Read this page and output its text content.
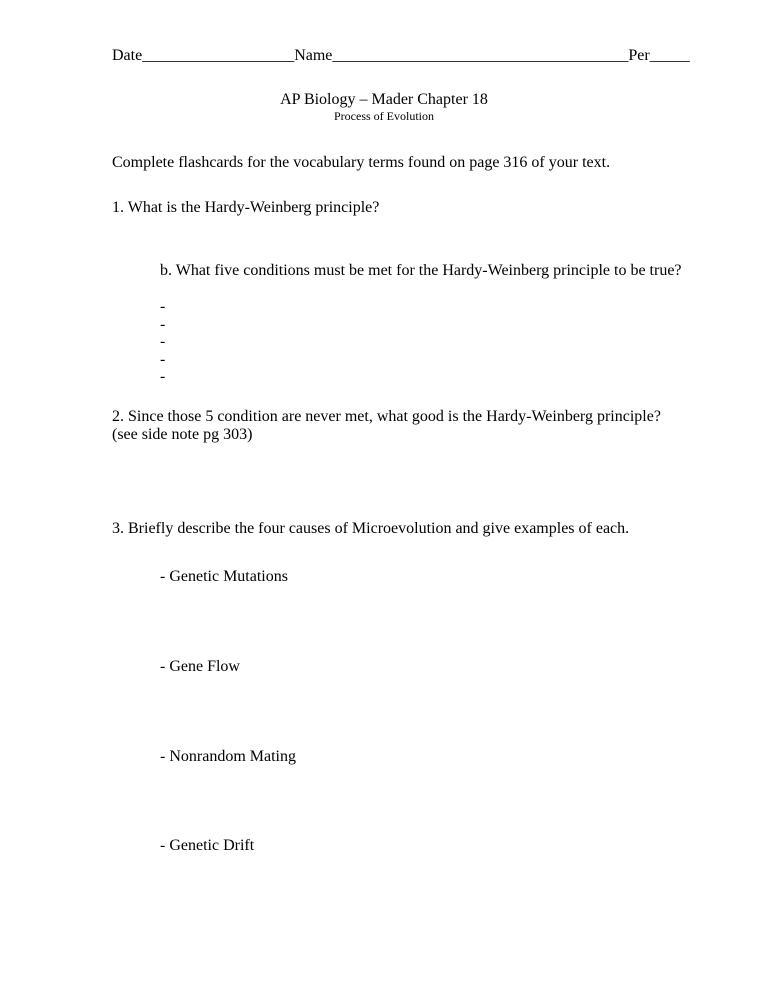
Date___________________Name_____________________________________Per_____
AP Biology – Mader Chapter 18
Process of Evolution
Complete flashcards for the vocabulary terms found on page 316 of your text.
1. What is the Hardy-Weinberg principle?
b. What five conditions must be met for the Hardy-Weinberg principle to be true?
-
-
-
-
-
2. Since those 5 condition are never met, what good is the Hardy-Weinberg principle?
(see side note pg 303)
3. Briefly describe the four causes of Microevolution and give examples of each.
- Genetic Mutations
- Gene Flow
- Nonrandom Mating
- Genetic Drift
